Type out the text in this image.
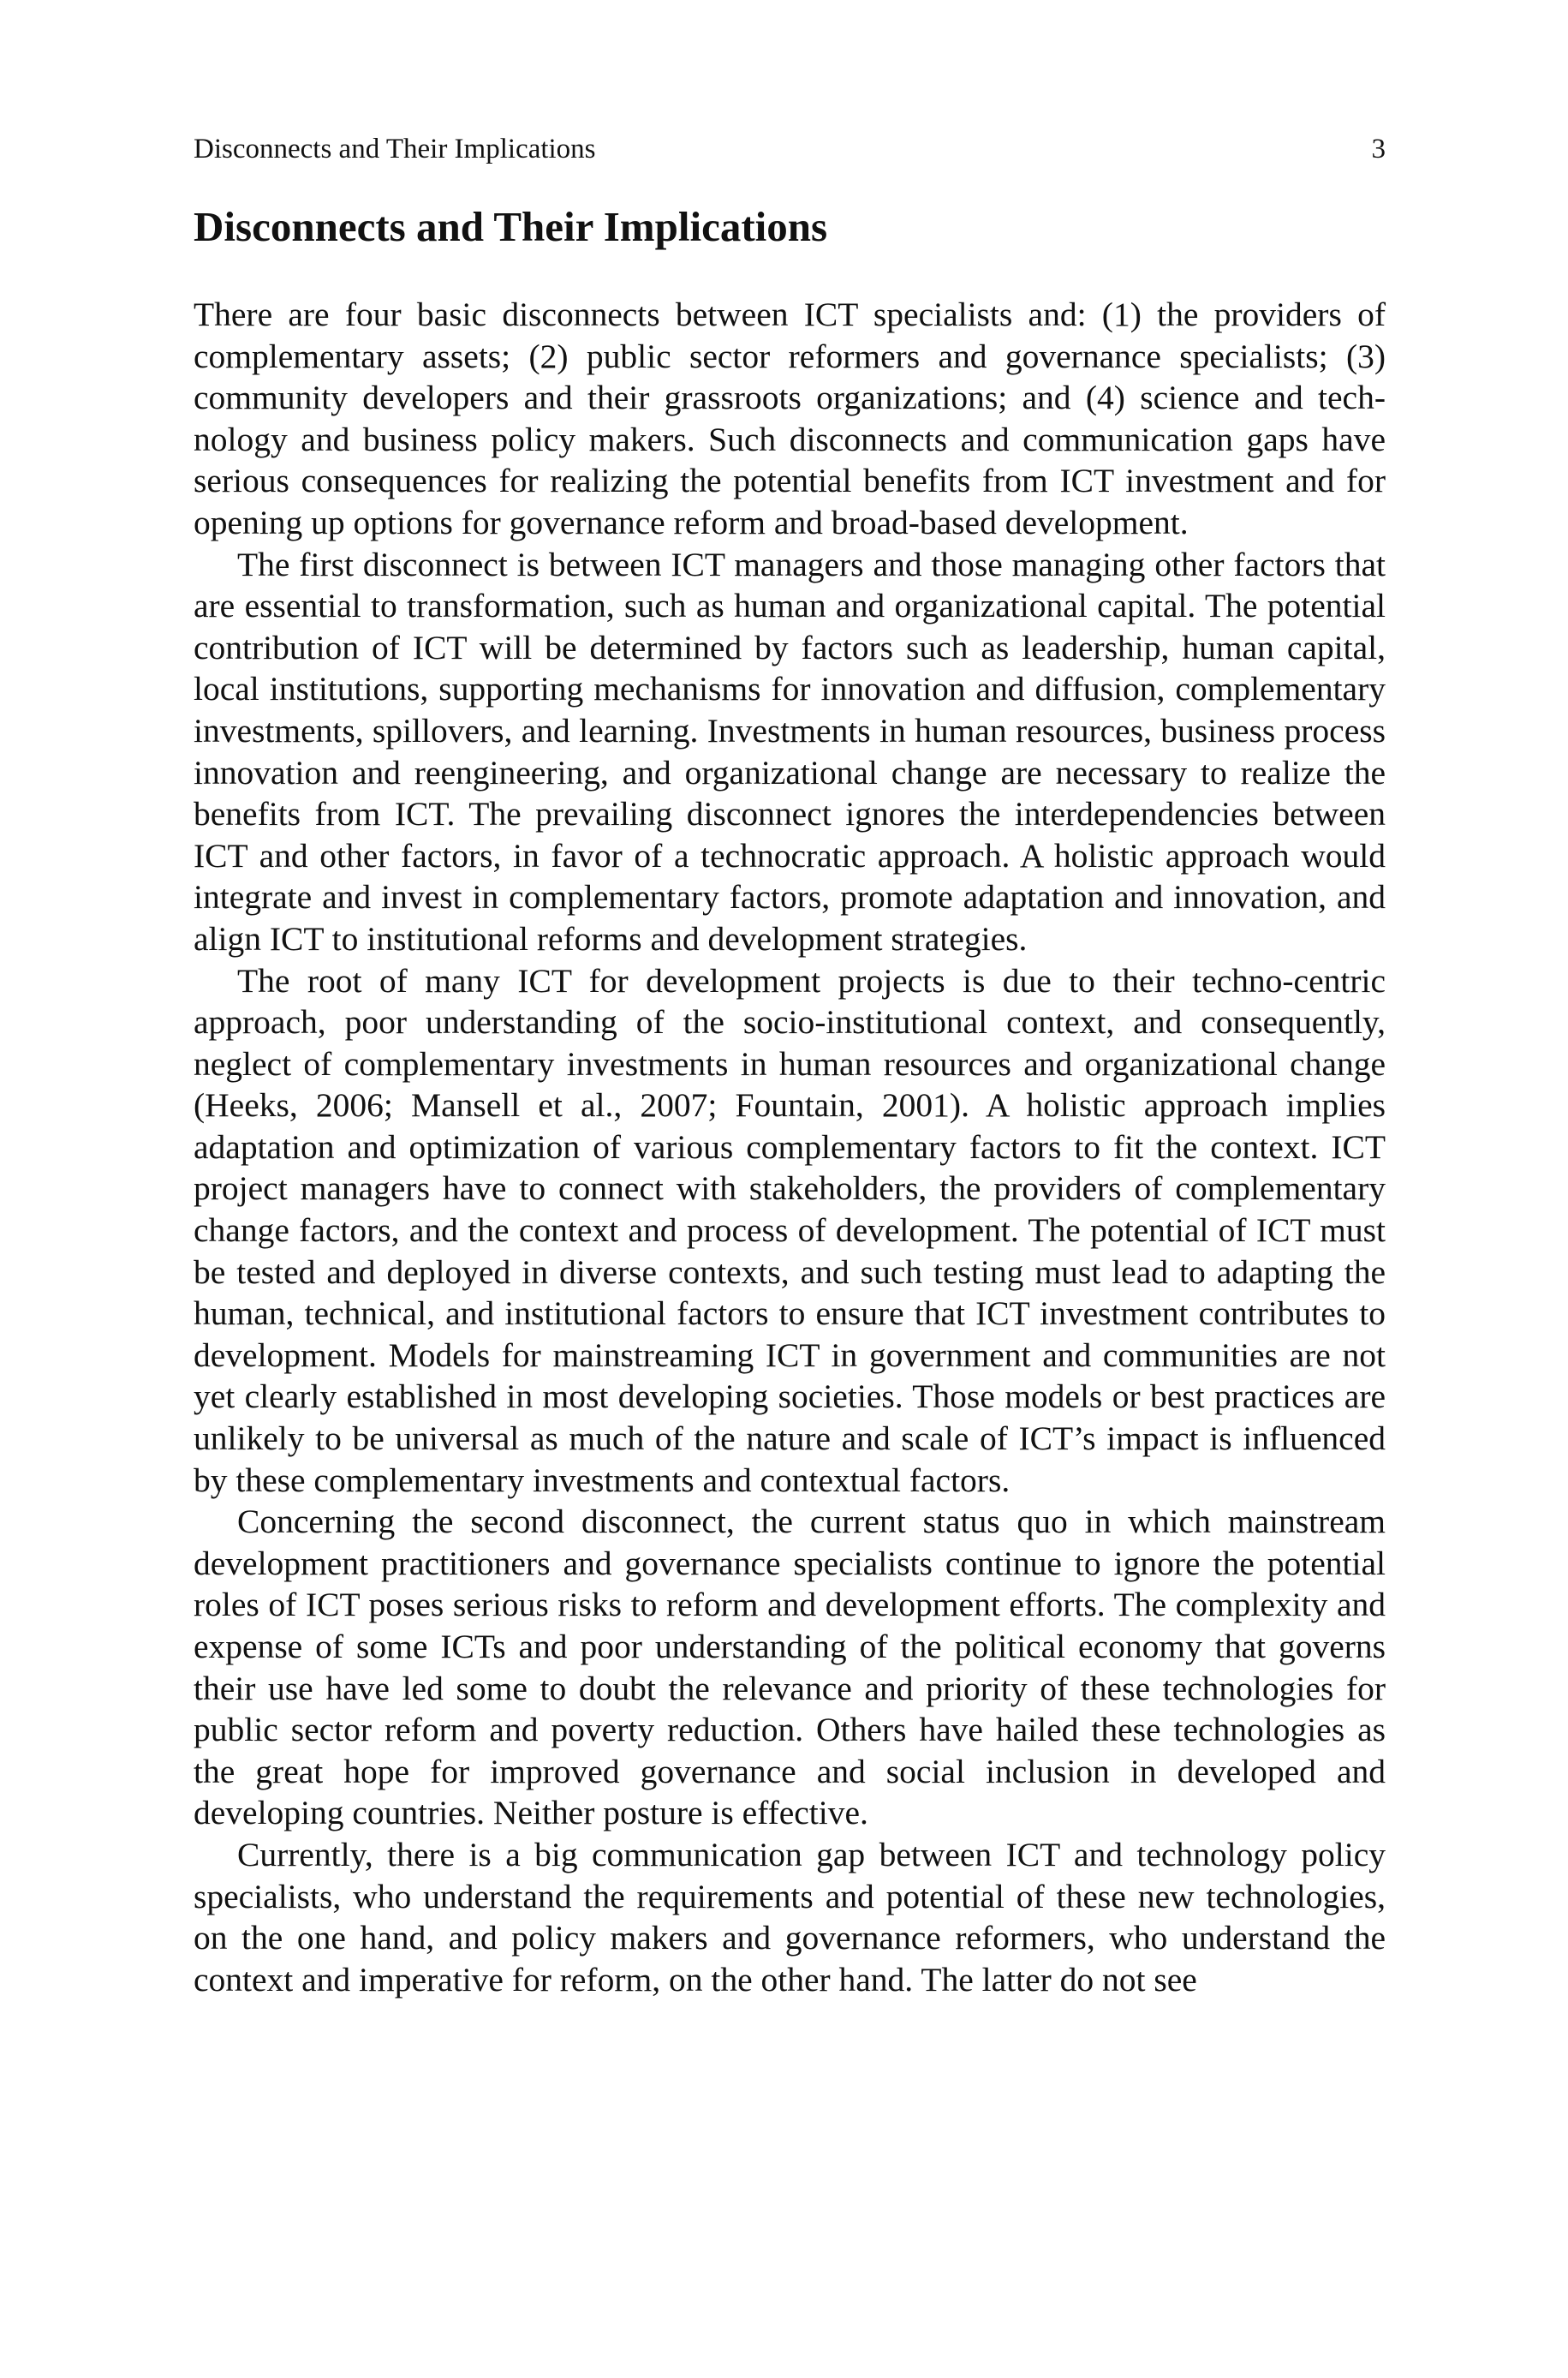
Disconnects and Their Implications	3
Disconnects and Their Implications

There are four basic disconnects between ICT specialists and: (1) the providers of complementary assets; (2) public sector reformers and governance specialists; (3) community developers and their grassroots organizations; and (4) science and technology and business policy makers. Such disconnects and communication gaps have serious consequences for realizing the potential benefits from ICT investment and for opening up options for governance reform and broad-based development.

The first disconnect is between ICT managers and those managing other factors that are essential to transformation, such as human and organizational capital. The potential contribution of ICT will be determined by factors such as leadership, human capital, local institutions, supporting mechanisms for innovation and diffusion, complementary investments, spillovers, and learning. Investments in human resources, business process innovation and reengineering, and organizational change are necessary to realize the benefits from ICT. The prevailing disconnect ignores the interdependencies between ICT and other factors, in favor of a technocratic approach. A holistic approach would integrate and invest in complementary factors, promote adaptation and innovation, and align ICT to institutional reforms and development strategies.

The root of many ICT for development projects is due to their techno-centric approach, poor understanding of the socio-institutional context, and consequently, neglect of complementary investments in human resources and organizational change (Heeks, 2006; Mansell et al., 2007; Fountain, 2001). A holistic approach implies adaptation and optimization of various complementary factors to fit the context. ICT project managers have to connect with stakeholders, the providers of complementary change factors, and the context and process of development. The potential of ICT must be tested and deployed in diverse contexts, and such testing must lead to adapting the human, technical, and institutional factors to ensure that ICT investment contributes to development. Models for mainstreaming ICT in government and communities are not yet clearly established in most developing societies. Those models or best practices are unlikely to be universal as much of the nature and scale of ICT’s impact is influenced by these complementary investments and contextual factors.

Concerning the second disconnect, the current status quo in which mainstream development practitioners and governance specialists continue to ignore the potential roles of ICT poses serious risks to reform and development efforts. The complexity and expense of some ICTs and poor understanding of the political economy that governs their use have led some to doubt the relevance and priority of these technologies for public sector reform and poverty reduction. Others have hailed these technologies as the great hope for improved governance and social inclusion in developed and developing countries. Neither posture is effective.

Currently, there is a big communication gap between ICT and technology policy specialists, who understand the requirements and potential of these new technologies, on the one hand, and policy makers and governance reformers, who understand the context and imperative for reform, on the other hand. The latter do not see
